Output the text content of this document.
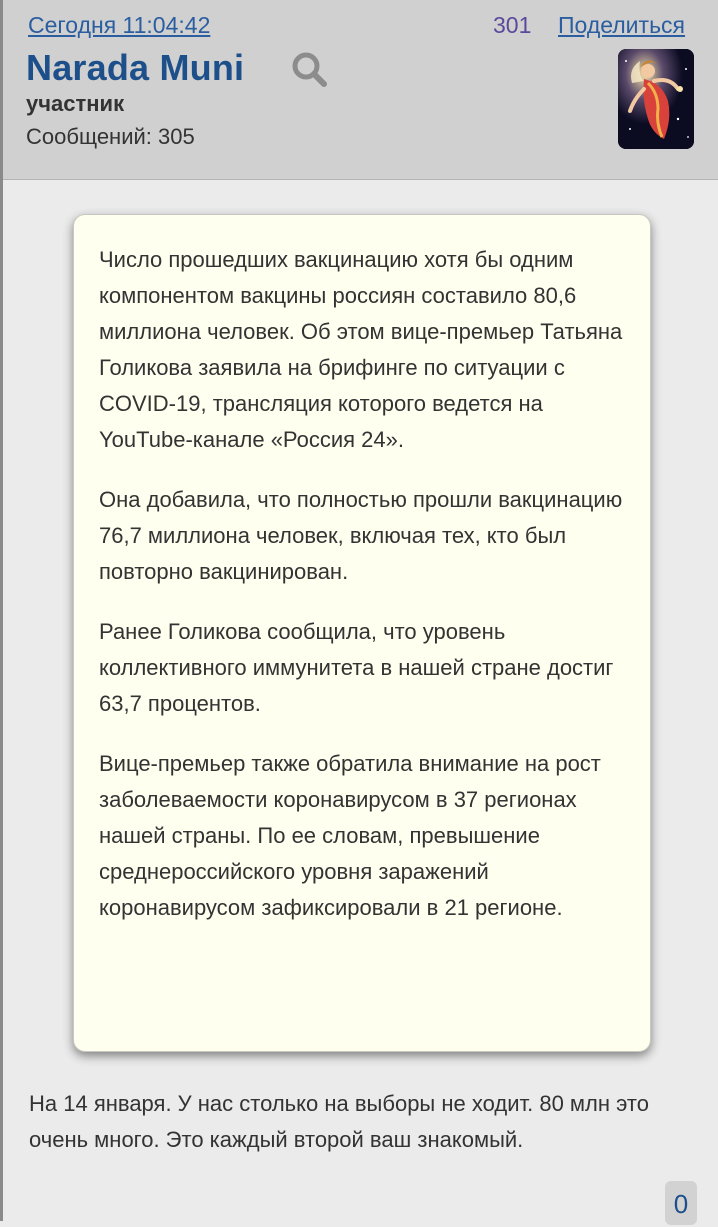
Сегодня 11:04:42	301 Поделиться
Narada Muni
участник
Сообщений: 305

Число прошедших вакцинацию хотя бы одним компонентом вакцины россиян составило 80,6 миллиона человек. Об этом вице-премьер Татьяна Голикова заявила на брифинге по ситуации с COVID-19, трансляция которого ведется на YouTube-канале «Россия 24».

Она добавила, что полностью прошли вакцинацию 76,7 миллиона человек, включая тех, кто был повторно вакцинирован.

Ранее Голикова сообщила, что уровень коллективного иммунитета в нашей стране достиг 63,7 процентов.

Вице-премьер также обратила внимание на рост заболеваемости коронавирусом в 37 регионах нашей страны. По ее словам, превышение среднероссийского уровня заражений коронавирусом зафиксировали в 21 регионе.

На 14 января. У нас столько на выборы не ходит. 80 млн это очень много. Это каждый второй ваш знакомый.

0
